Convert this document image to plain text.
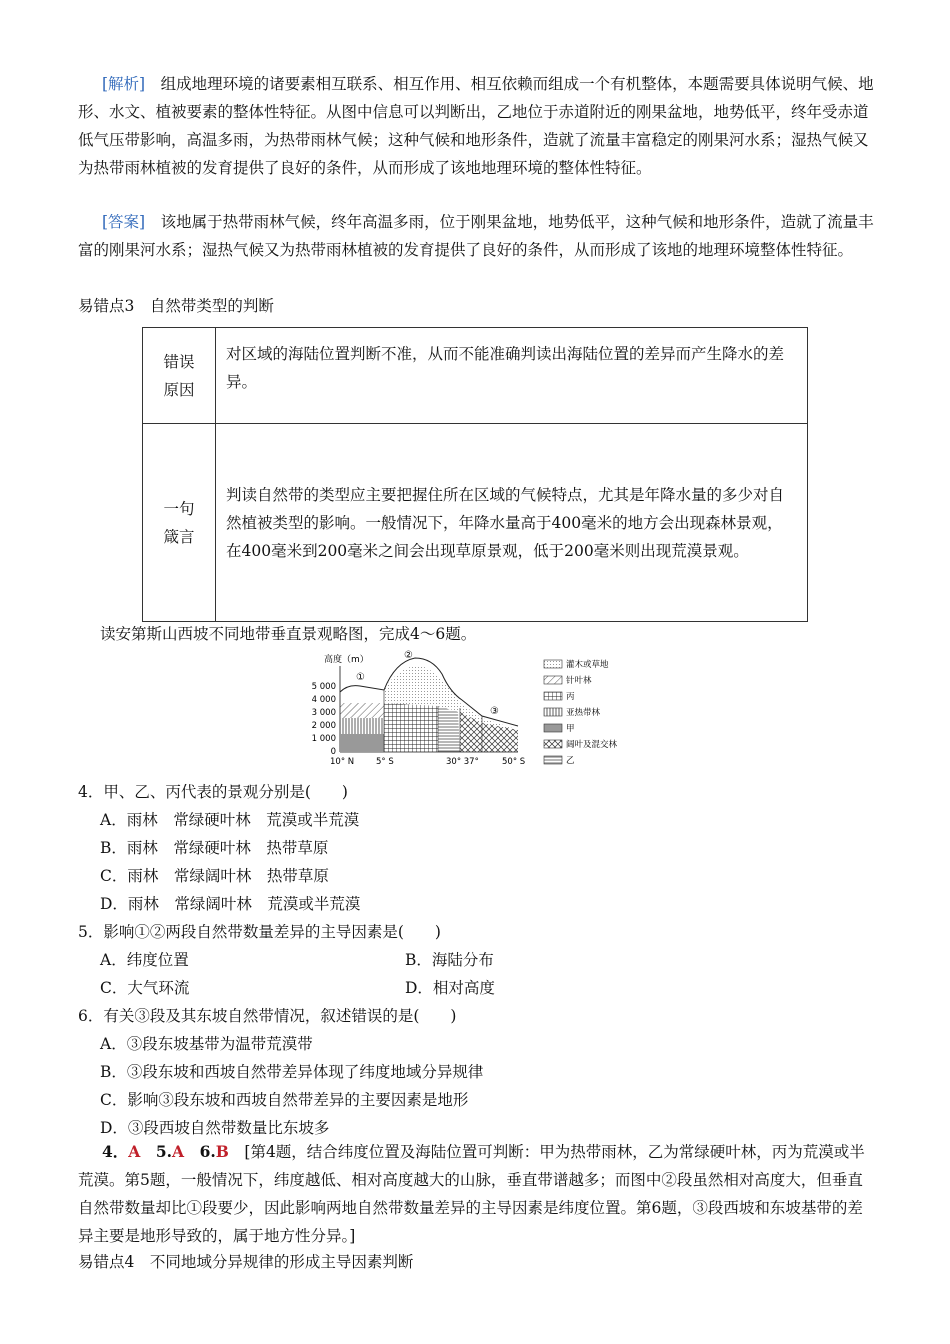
[解析]　 组成地理环境的诸要素相互联系、相互作用、相互依赖而组成一个有机整体，本题需要具体说明气候、地形、水文、植被要素的整体性特征。从图中信息可以判断出，乙地位于赤道附近的刚果盆地，地势低平，终年受赤道低气压带影响，高温多雨，为热带雨林气候；这种气候和地形条件，造就了流量丰富稳定的刚果河水系；湿热气候又为热带雨林植被的发育提供了良好的条件，从而形成了该地地理环境的整体性特征。

[答案]　 该地属于热带雨林气候，终年高温多雨，位于刚果盆地，地势低平，这种气候和地形条件，造就了流量丰富的刚果河水系；湿热气候又为热带雨林植被的发育提供了良好的条件，从而形成了该地的地理环境整体性特征。

易错点3　自然带类型的判断
错误原因	对区域的海陆位置判断不准，从而不能准确判读出海陆位置的差异而产生降水的差异。

一句箴言	判读自然带的类型应主要把握住所在区域的气候特点，尤其是年降水量的多少对自然植被类型的影响。一般情况下，年降水量高于400毫米的地方会出现森林景观，在400毫米到200毫米之间会出现草原景观，低于200毫米则出现荒漠景观。
读安第斯山西坡不同地带垂直景观略图，完成4～6题。
高度（m）
5 000
4 000
3 000
2 000
1 000
0
①
②
③
10° N	5° S	30° 37°	50° S
灌木或草地
针叶林
丙
亚热带林
甲
阔叶及混交林
乙
4．甲、乙、丙代表的景观分别是(　　)
A．雨林　常绿硬叶林　荒漠或半荒漠
B．雨林　常绿硬叶林　热带草原
C．雨林　常绿阔叶林　热带草原
D．雨林　常绿阔叶林　荒漠或半荒漠
5．影响①②两段自然带数量差异的主导因素是(　　)
A．纬度位置	B．海陆分布
C．大气环流	D．相对高度
6．有关③段及其东坡自然带情况，叙述错误的是(　　)
A．③段东坡基带为温带荒漠带
B．③段东坡和西坡自然带差异体现了纬度地域分异规律
C．影响③段东坡和西坡自然带差异的主要因素是地形
D．③段西坡自然带数量比东坡多

4．A　 5.A　 6.B　 [第4题，结合纬度位置及海陆位置可判断：甲为热带雨林，乙为常绿硬叶林，丙为荒漠或半荒漠。第5题，一般情况下，纬度越低、相对高度越大的山脉，垂直带谱越多；而图中②段虽然相对高度大，但垂直自然带数量却比①段要少，因此影响两地自然带数量差异的主导因素是纬度位置。第6题，③段西坡和东坡基带的差异主要是地形导致的，属于地方性分异。]

易错点4　不同地域分异规律的形成主导因素判断
